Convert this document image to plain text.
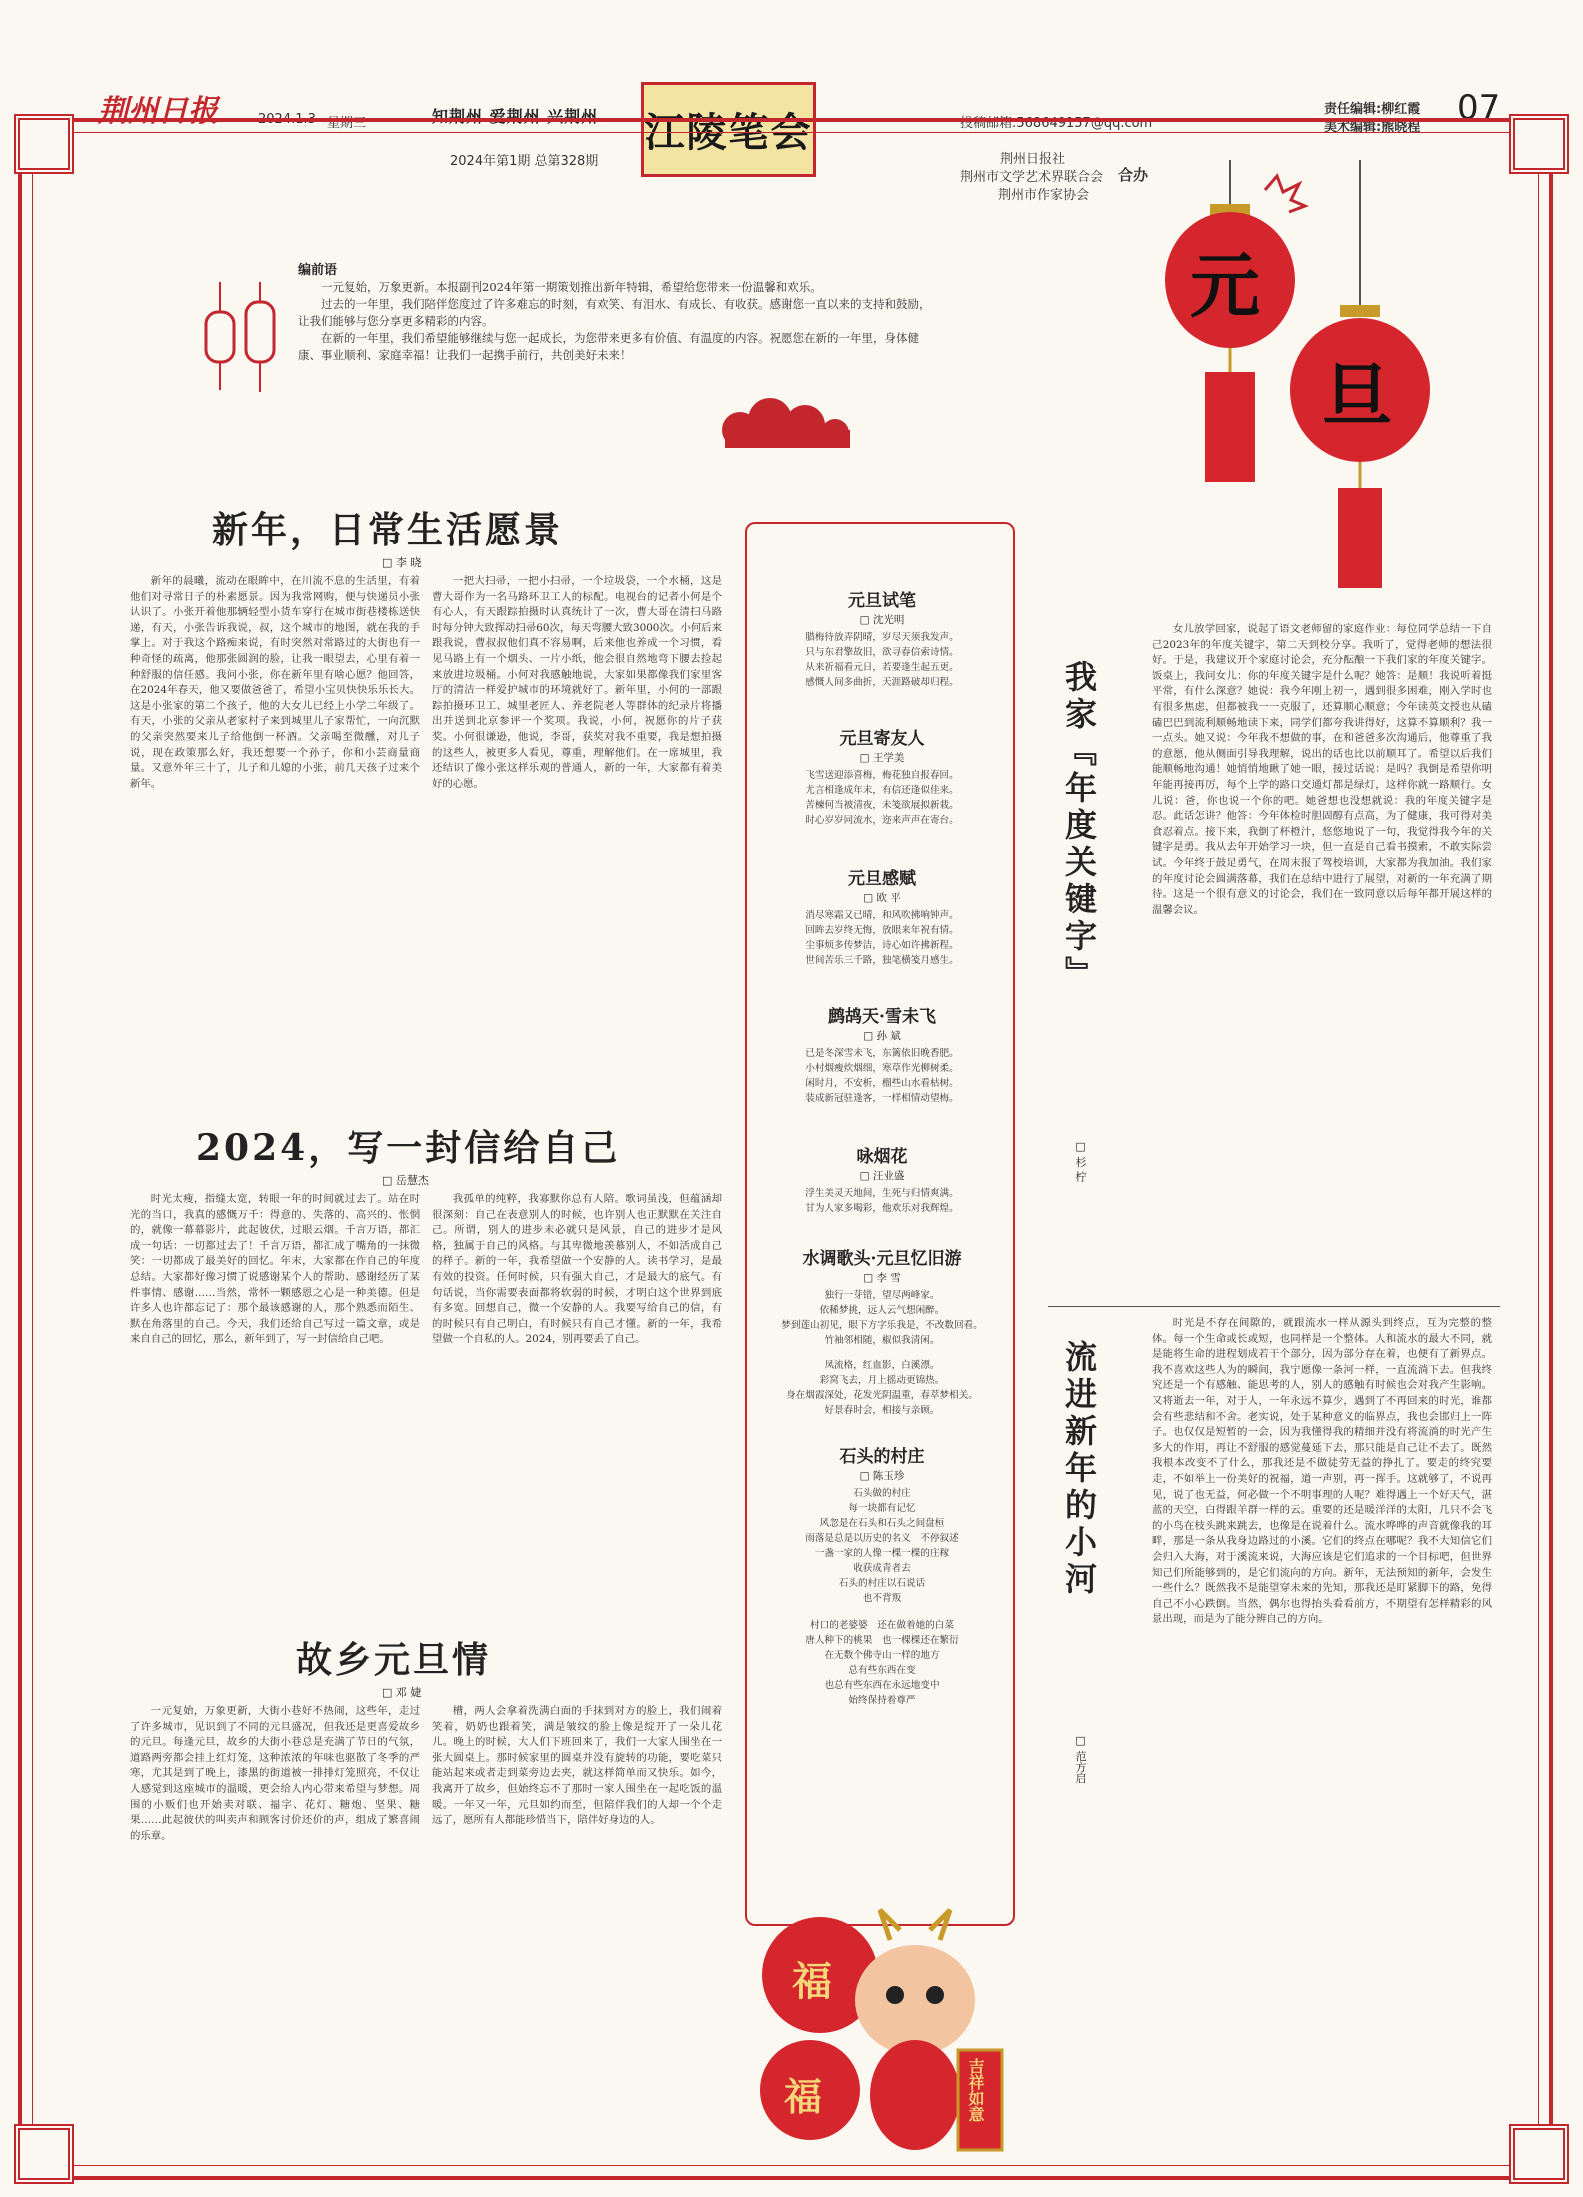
荆州日报	2024.1.3 星期三	知荆州 爱荆州 兴荆州
2024年第1期 总第328期
江陵笔会	投稿邮箱:568649157@qq.com
荆州日报社
荆州市文学艺术界联合会 合办
荆州市作家协会
责任编辑:柳红霞
美术编辑:熊晓程 07
元
旦
编前语
一元复始，万象更新。本报副刊2024年第一期策划推出新年特辑，希望给您带来一份温馨和欢乐。
过去的一年里，我们陪伴您度过了许多难忘的时刻，有欢笑、有泪水、有成长、有收获。感谢您一直以来的支持和鼓励，让我们能够与您分享更多精彩的内容。
在新的一年里，我们希望能够继续与您一起成长，为您带来更多有价值、有温度的内容。祝愿您在新的一年里，身体健康、事业顺利、家庭幸福！让我们一起携手前行，共创美好未来！
新年，日常生活愿景
□ 李 晓

新年的晨曦，流动在眼眸中，在川流不息的生活里，有着他们对寻常日子的朴素愿景。因为我常网购，便与快递员小张认识了。小张开着他那辆轻型小货车穿行在城市街巷楼栋送快递，有天，小张告诉我说，叔，这个城市的地图，就在我的手掌上。对于我这个路痴来说，有时突然对常路过的大街也有一种奇怪的疏离，他那张圆润的脸，让我一眼望去，心里有着一种舒服的信任感。我问小张，你在新年里有啥心愿？他回答，在2024年春天，他又要做爸爸了，希望小宝贝快快乐乐长大。这是小张家的第二个孩子，他的大女儿已经上小学二年级了。有天，小张的父亲从老家村子来到城里儿子家帮忙，一向沉默的父亲突然要来儿子给他倒一杯酒。父亲喝至微醺，对儿子说，现在政策那么好，我还想要一个孙子，你和小芸商量商量。又意外年三十了，儿子和儿媳的小张，前几天孩子过来个新年。

一把大扫帚，一把小扫帚，一个垃圾袋，一个水桶，这是曹大哥作为一名马路环卫工人的标配。电视台的记者小何是个有心人，有天跟踪拍摄时认真统计了一次，曹大哥在清扫马路时每分钟大致挥动扫帚60次，每天弯腰大致3000次。小何后来跟我说，曹叔叔他们真不容易啊，后来他也养成一个习惯，看见马路上有一个烟头、一片小纸，他会很自然地弯下腰去捡起来放进垃圾桶。小何对我感触地说，大家如果都像我们家里客厅的清洁一样爱护城市的环境就好了。新年里，小何的一部跟踪拍摄环卫工、城里老匠人、养老院老人等群体的纪录片将播出并送到北京参评一个奖项。我说，小何，祝愿你的片子获奖。小何很谦逊，他说，李哥，获奖对我不重要，我是想拍摄的这些人，被更多人看见，尊重，理解他们。在一席城里，我还结识了像小张这样乐观的普通人，新的一年，大家都有着美好的心愿。

2024，写一封信给自己
□ 岳慧杰

时光太瘦，指缝太宽，转眼一年的时间就过去了。站在时光的当口，我真的感慨万千：得意的、失落的、高兴的、怅惘的，就像一幕幕影片，此起彼伏，过眼云烟。千言万语，都汇成一句话：一切都过去了！千言万语，都汇成了嘴角的一抹微笑：一切都成了最美好的回忆。年末，大家都在作自己的年度总结。大家都好像习惯了说感谢某个人的帮助、感谢经历了某件事情、感谢……当然，常怀一颗感恩之心是一种美德。但是许多人也许都忘记了：那个最该感谢的人，那个熟悉而陌生、默在角落里的自己。今天，我们还给自己写过一篇文章，或是来自自己的回忆，那么，新年到了，写一封信给自己吧。

我孤单的纯粹，我寡默你总有人陪。歌词虽浅，但蕴涵却很深刻：自己在表意别人的时候，也许别人也正默默在关注自己。所谓，别人的进步未必就只是风景，自己的进步才是风格，独属于自己的风格。与其卑微地羡慕别人，不如活成自己的样子。新的一年，我希望做一个安静的人。读书学习，是最有效的投资。任何时候，只有强大自己，才是最大的底气。有句话说，当你需要表面都将软弱的时候，才明白这个世界到底有多宽。回想自己，微一个安静的人。我要写给自己的信，有的时候只有自己明白，有时候只有自己才懂。新的一年，我希望做一个自私的人。2024，别再要丢了自己。

故乡元旦情
□ 邓 婕

一元复始，万象更新，大街小巷好不热闹，这些年，走过了许多城市，见识到了不同的元旦盛况，但我还是更喜爱故乡的元旦。每逢元旦，故乡的大街小巷总是充满了节日的气氛，道路两旁都会挂上红灯笼，这种浓浓的年味也驱散了冬季的严寒，尤其是到了晚上，漆黑的街道被一排排灯笼照亮，不仅让人感觉到这座城市的温暖，更会给人内心带来希望与梦想。周围的小贩们也开始卖对联、福字、花灯、糖炮、坚果、糖果……此起彼伏的叫卖声和顾客讨价还价的声，组成了繁喜闹的乐章。

槽，两人会拿着洗满白面的手抹到对方的脸上，我们闹着笑着，奶奶也跟着笑，满是皱纹的脸上像是绽开了一朵儿花儿。晚上的时候，大人们下班回来了，我们一大家人围坐在一张大圆桌上。那时候家里的圆桌并没有旋转的功能，要吃菜只能站起来或者走到菜旁边去夹，就这样简单而又快乐。如今，我离开了故乡，但始终忘不了那时一家人围坐在一起吃饭的温暖。一年又一年，元旦如约而至，但陪伴我们的人却一个个走远了，愿所有人都能珍惜当下，陪伴好身边的人。

元旦试笔
□ 沈光明
腊梅待放弄阴晴，岁尽天须我发声。
只与东君擎故旧，欲寻春信索诗情。
从来祈福看元日，若要逢生起五更。
感慨人间多曲折，天涯路破却归程。
元旦寄友人
□ 王学美
飞雪送迎添喜梅，梅花独自报春回。
尤言相逢成年末，有信还逢似佳来。
苦楝何当被清夜，未笺欲展拟新栽。
时心岁岁同流水，迩来声声在寄台。
元旦感赋
□ 欧 平
消尽寒霜又已晴，和风吹拂响钟声。
回眸去岁终无悔，放眼来年祝有情。
尘事烦多传梦洁，诗心如许拂新程。
世间苦乐三千路，独笔横笺月感生。
鹧鸪天·雪未飞
□ 孙 斌
已是冬深雪未飞，东篱依旧晚香肥。
小村烟瘦炊烟细，寒草作光柳树柔。
闲时月，不安析，榴些山水看枯树。
装成新冠驻逢客，一样相情动望梅。
咏烟花
□ 汪业盛
浮生美灵天地间，生死与归情爽满。
甘为人家多喝彩，他欢乐对我辉煌。
水调歌头·元旦忆旧游
□ 李 雪
独行一芽错，望尽两峰家。
依稀梦挑，远人云气想闲醉。
梦到莲山初见，眼下方字乐我是，不改数回看。
竹袖邻相随，椒似我清闲。
凤流格，红血影，白溪漂。
彩窝飞去，月上摇动更锦热。
身在烟霞深处，花发光阴温重，春萃梦相关。
好景春时会，相接与亲顾。
石头的村庄
□ 陈玉珍
石头做的村庄
每一块都有记忆
风忽是在石头和石头之间盘桓
雨落是总是以历史的名义　不停叙述
一盏一家的人像一棵一棵的庄稼
收获成青者去
石头的村庄以石说话
也不背叛
村口的老婆婆　还在做着她的白菜
唐人种下的桃果　也一棵棵还在繁衍
在无数个佛寺山一样的地方
总有些东西在变
也总有些东西在永远地变中
始终保持着尊严
福
福	吉祥如意
我家『年度关键字』
□ 杉 柠

女儿放学回家，说起了语文老师留的家庭作业：每位同学总结一下自己2023年的年度关键字，第二天到校分享。我听了，觉得老师的想法很好。于是，我建议开个家庭讨论会，充分酝酿一下我们家的年度关键字。饭桌上，我问女儿：你的年度关键字是什么呢？她答：是顺！我说听着挺平常，有什么深意？她说：我今年刚上初一，遇到很多困难，刚入学时也有很多焦虑，但都被我一一克服了，还算顺心顺意；今年读英文授也从磕磕巴巴到流利顺畅地读下来，同学们都夸我讲得好，这算不算顺利？我一一点头。她又说：今年我不想做的事，在和爸爸多次沟通后，他尊重了我的意愿，他从侧面引导我理解，说出的话也比以前顺耳了。希望以后我们能顺畅地沟通！她悄悄地瞅了她一眼，接过话说：是吗？我倒是希望你明年能再接再厉，每个上学的路口交通灯都是绿灯，这样你就一路顺行。女儿说：爸，你也说一个你的吧。她爸想也没想就说：我的年度关键字是忍。此话怎讲？他答：今年体检时胆固醇有点高，为了健康，我可得对美食忍着点。接下来，我倒了杯橙汁，悠悠地说了一句，我觉得我今年的关键字是勇。我从去年开始学习一块，但一直是自己看书摸索，不敢实际尝试。今年终于鼓足勇气，在周末报了驾校培训，大家都为我加油。我们家的年度讨论会圆满落幕，我们在总结中进行了展望，对新的一年充满了期待。这是一个很有意义的讨论会，我们在一致同意以后每年都开展这样的温馨会议。

流进新年的小河
□ 范方启

时光是不存在间隙的，就跟流水一样从源头到终点，互为完整的整体。每一个生命或长或短，也同样是一个整体。人和流水的最大不同，就是能将生命的进程划成若干个部分，因为部分存在着，也便有了新界点。我不喜欢这些人为的瞬间，我宁愿像一条河一样，一直流淌下去。但我终究还是一个有感触、能思考的人，别人的感触有时候也会对我产生影响。又将逝去一年，对于人，一年永远不算少，遇到了不再回来的时光，谁都会有些悲结和不舍。老实说，处于某种意义的临界点，我也会邯归上一阵子。也仅仅是短暂的一会，因为我懂得我的精细并没有将流淌的时光产生多大的作用，再让不舒服的感觉蔓延下去，那只能是自己让不去了。既然我根本改变不了什么，那我还是不做徒劳无益的挣扎了。要走的终究要走，不如举上一份美好的祝福，道一声别，再一挥手。这就够了，不说再见，说了也无益，何必做一个不明事理的人呢？难得遇上一个好天气，湛蓝的天空，白得跟羊群一样的云。重要的还是暖洋洋的太阳，几只不会飞的小鸟在枝头跳来跳去，也像是在说着什么。流水哗哗的声音就像我的耳畔，那是一条从我身边路过的小溪。它们的终点在哪呢？我不大知信它们会归入大海，对于溪流来说，大海应该是它们追求的一个目标吧，但世界知己们所能够到的，是它们流向的方向。新年，无法预知的新年，会发生一些什么？既然我不是能望穿未来的先知，那我还是盯紧脚下的路，免得自己不小心跌倒。当然，偶尔也得抬头看看前方，不期望有怎样精彩的风景出现，而是为了能分辨自己的方向。
